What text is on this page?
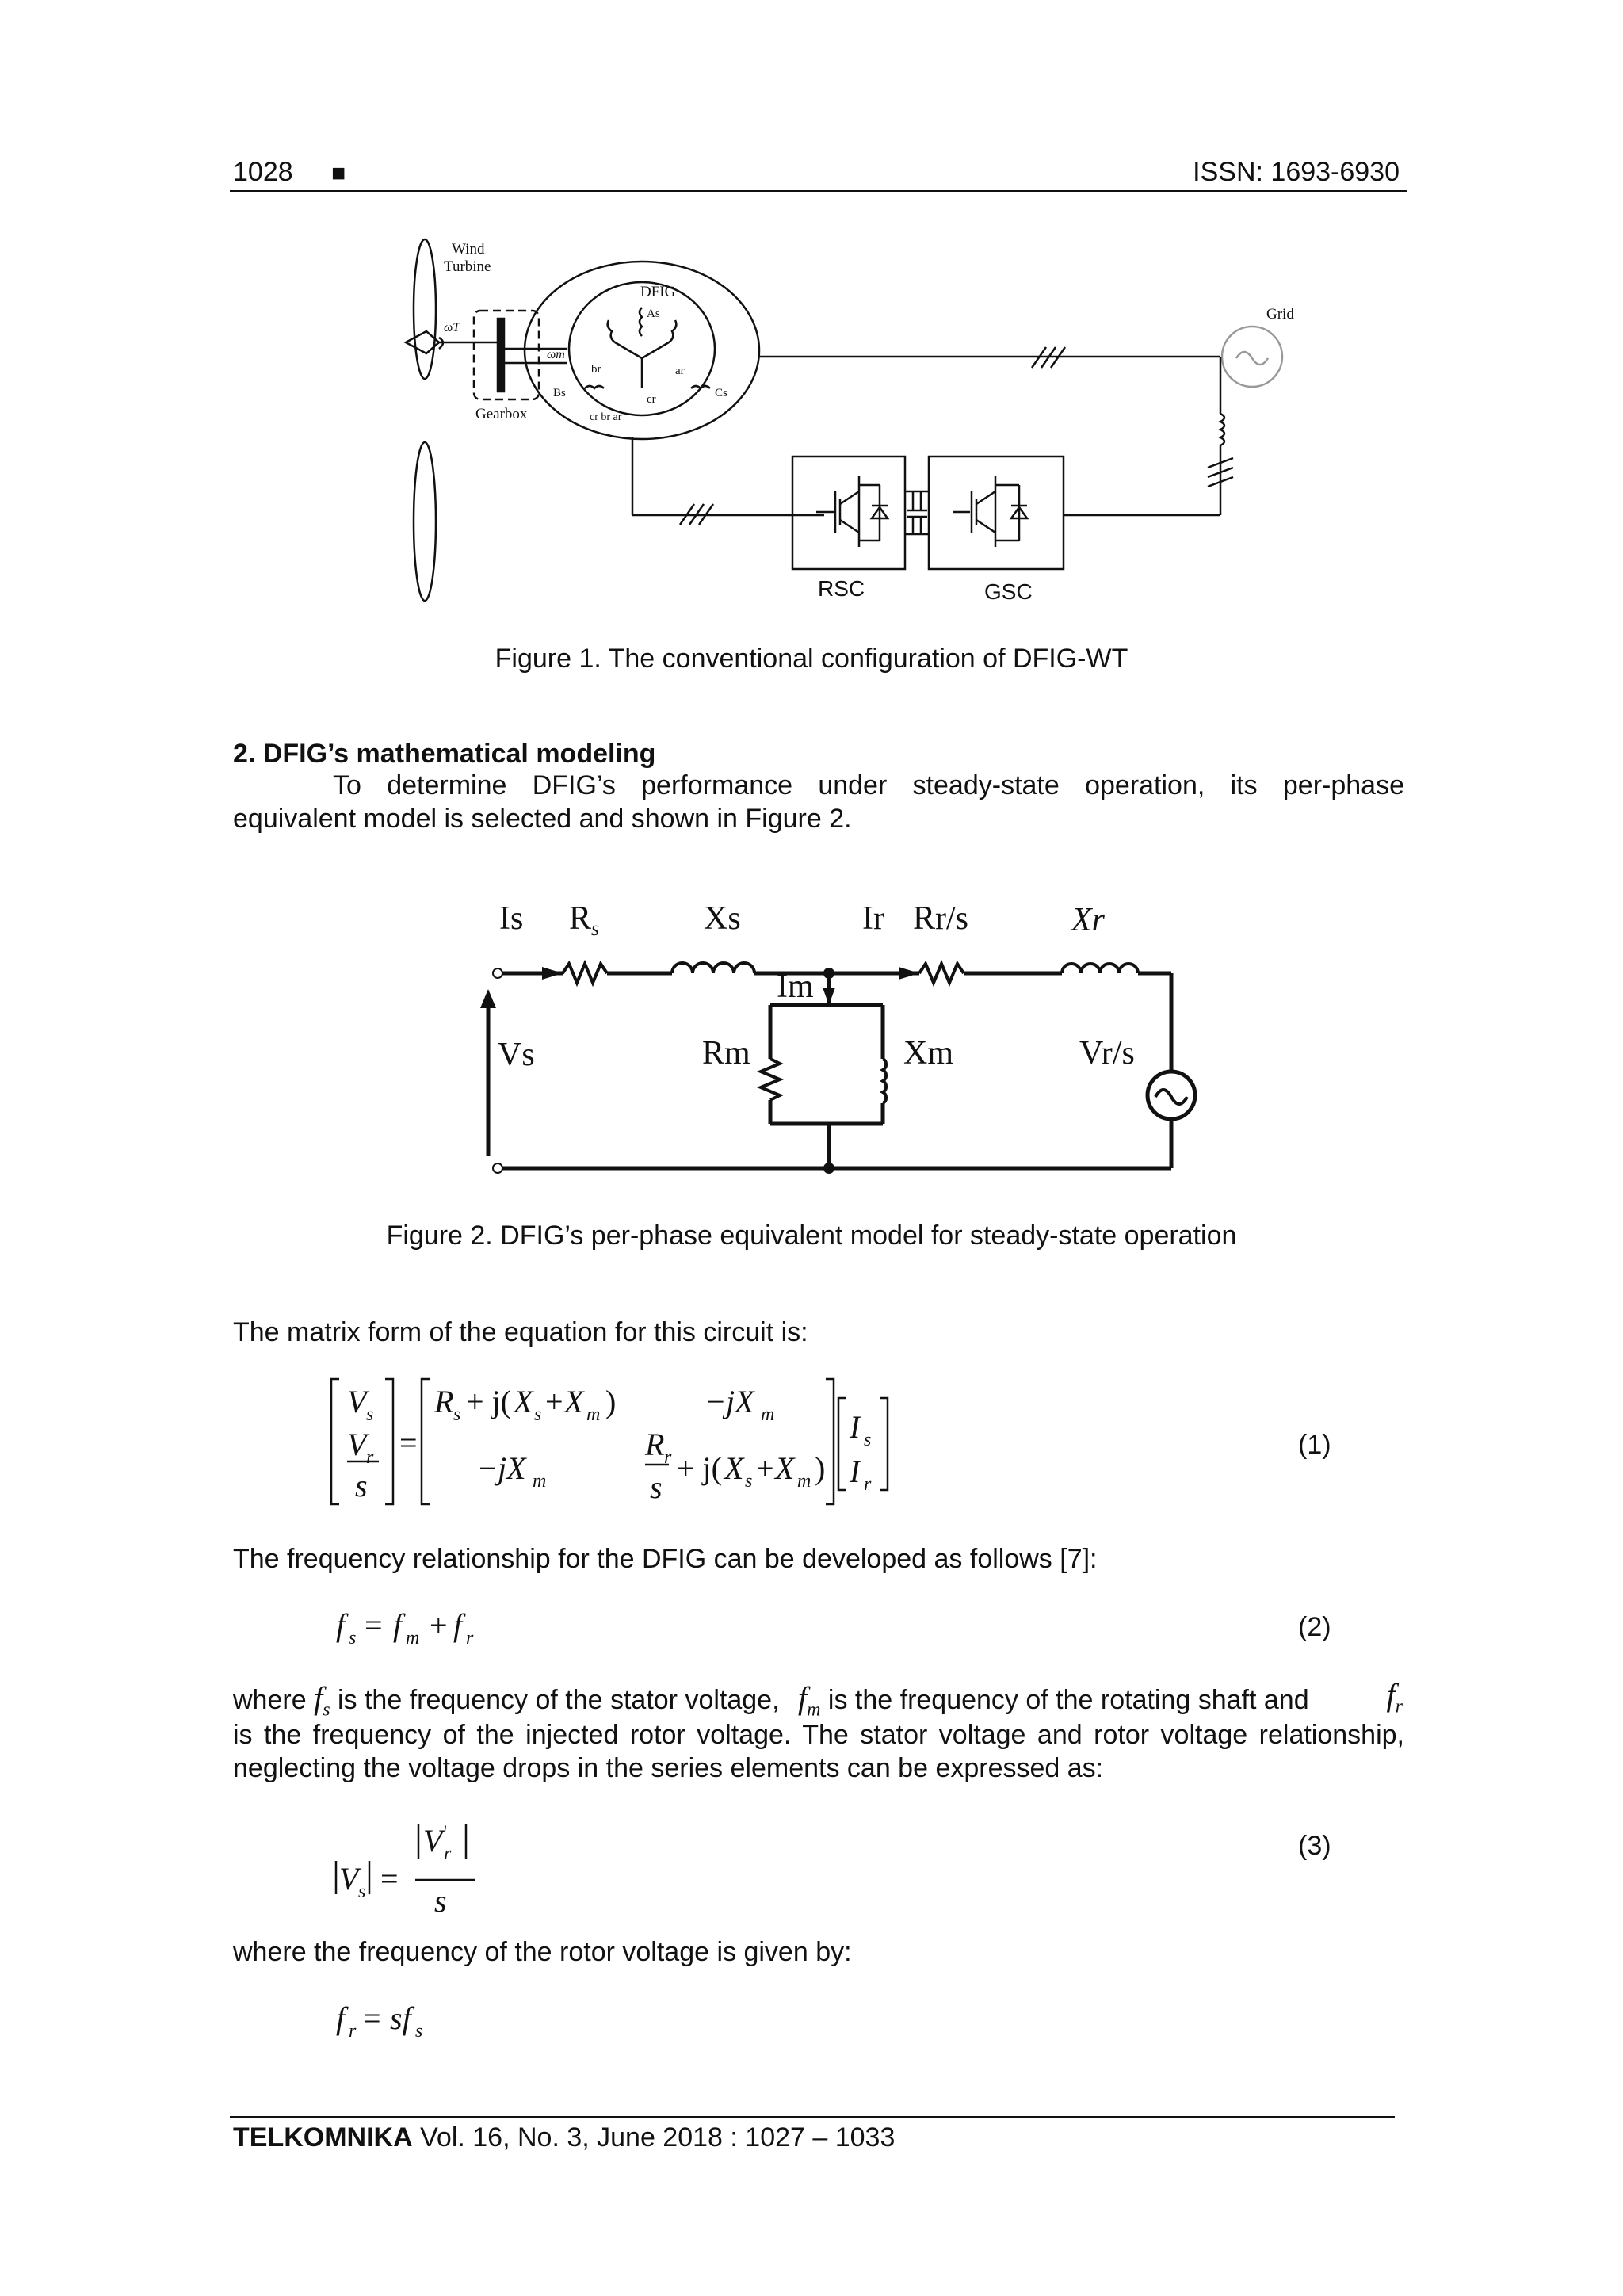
1028 ■	ISSN: 1693-6930
Wind
Turbine
Gearbox
DFIG
Grid
ωT
ωm
As
Bs	Cs
ar
br
cr
cr br ar
RSC	GSC
Figure 1. The conventional configuration of DFIG-WT
2. DFIG’s mathematical modeling
To determine DFIG’s performance under steady-state operation, its per-phase
equivalent model is selected and shown in Figure 2.
Is R s	Xs	Ir Rr/s	Xr
Im
Vs	Rm	Xm	Vr/s
Figure 2. DFIG’s per-phase equivalent model for steady-state operation
The matrix form of the equation for this circuit is:
V s
V r
s
=
R s + j( X s + X m )	− jX m
− jX m
R r
s
+ j( X s + X m )
I s
I r
(1)
The frequency relationship for the DFIG can be developed as follows [7]:
f s = f m + f r	(2)
where $f_s$ is the frequency of the stator voltage, $f_m$ is the frequency of the rotating shaft and $f_r$
is the frequency of the injected rotor voltage. The stator voltage and rotor voltage relationship,
neglecting the voltage drops in the series elements can be expressed as:
V s =
V r
'
s
(3)
where the frequency of the rotor voltage is given by:
f r = sf s
TELKOMNIKA Vol. 16, No. 3, June 2018 : 1027 – 1033
